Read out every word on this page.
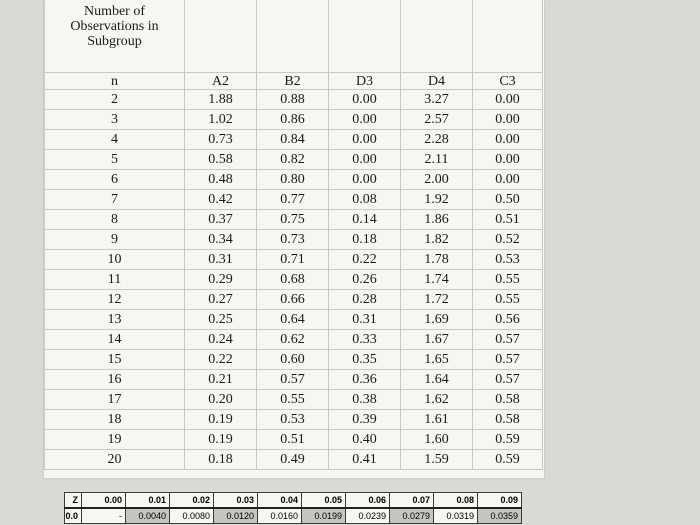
Number of
Observations in
Subgroup					

n	A2	B2	D3	D4	C3
2	1.88	0.88	0.00	3.27	0.00
3	1.02	0.86	0.00	2.57	0.00
4	0.73	0.84	0.00	2.28	0.00
5	0.58	0.82	0.00	2.11	0.00
6	0.48	0.80	0.00	2.00	0.00
7	0.42	0.77	0.08	1.92	0.50
8	0.37	0.75	0.14	1.86	0.51
9	0.34	0.73	0.18	1.82	0.52
10	0.31	0.71	0.22	1.78	0.53
11	0.29	0.68	0.26	1.74	0.55
12	0.27	0.66	0.28	1.72	0.55
13	0.25	0.64	0.31	1.69	0.56
14	0.24	0.62	0.33	1.67	0.57
15	0.22	0.60	0.35	1.65	0.57
16	0.21	0.57	0.36	1.64	0.57
17	0.20	0.55	0.38	1.62	0.58
18	0.19	0.53	0.39	1.61	0.58
19	0.19	0.51	0.40	1.60	0.59
20	0.18	0.49	0.41	1.59	0.59
Z	0.00	0.01	0.02	0.03	0.04	0.05	0.06	0.07	0.08	0.09
0.0	-	0.0040	0.0080	0.0120	0.0160	0.0199	0.0239	0.0279	0.0319	0.0359
